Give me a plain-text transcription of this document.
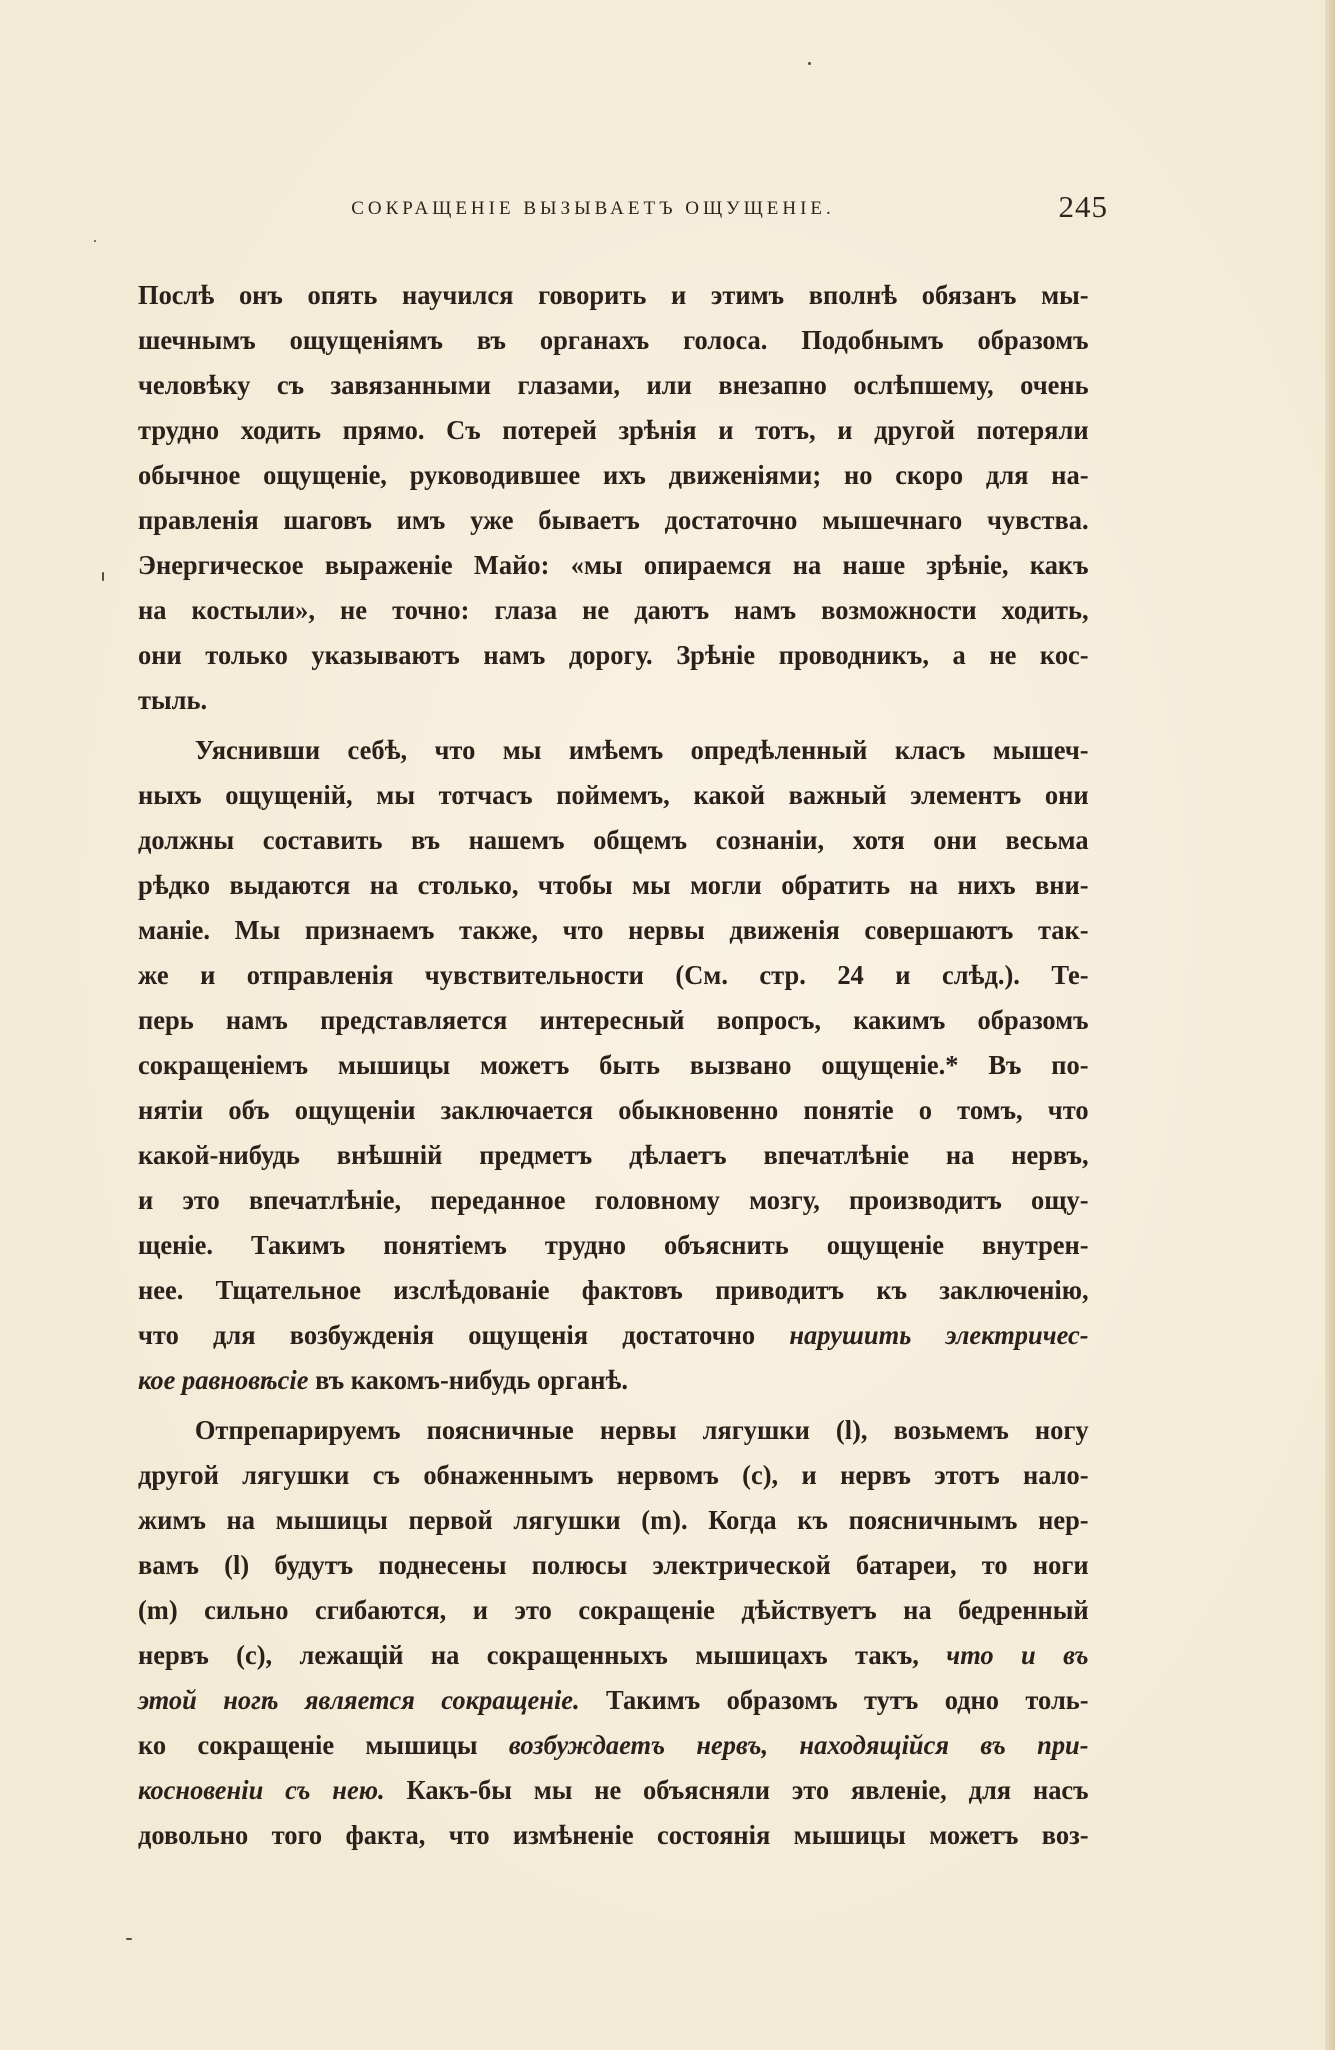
СОКРАЩЕНІЕ ВЫЗЫВАЕТЪ ОЩУЩЕНІЕ.	245
Послѣ онъ опять научился говорить и этимъ вполнѣ обязанъ мы-
шечнымъ ощущеніямъ въ органахъ голоса. Подобнымъ образомъ
человѣку съ завязанными глазами, или внезапно ослѣпшему, очень
трудно ходить прямо. Съ потерей зрѣнія и тотъ, и другой потеряли
обычное ощущеніе, руководившее ихъ движеніями; но скоро для на-
правленія шаговъ имъ уже бываетъ достаточно мышечнаго чувства.
Энергическое выраженіе Майо: «мы опираемся на наше зрѣніе, какъ
на костыли», не точно: глаза не даютъ намъ возможности ходить,
они только указываютъ намъ дорогу. Зрѣніе проводникъ, а не кос-
тыль.
Уяснивши себѣ, что мы имѣемъ опредѣленный класъ мышеч-
ныхъ ощущеній, мы тотчасъ поймемъ, какой важный элементъ они
должны составить въ нашемъ общемъ сознаніи, хотя они весьма
рѣдко выдаются на столько, чтобы мы могли обратить на нихъ вни-
маніе. Мы признаемъ также, что нервы движенія совершаютъ так-
же и отправленія чувствительности (См. стр. 24 и слѣд.). Те-
перь намъ представляется интересный вопросъ, какимъ образомъ
сокращеніемъ мышицы можетъ быть вызвано ощущеніе.* Въ по-
нятіи объ ощущеніи заключается обыкновенно понятіе о томъ, что
какой-нибудь внѣшній предметъ дѣлаетъ впечатлѣніе на нервъ,
и это впечатлѣніе, переданное головному мозгу, производитъ ощу-
щеніе. Такимъ понятіемъ трудно объяснить ощущеніе внутрен-
нее. Тщательное изслѣдованіе фактовъ приводитъ къ заключенію,
что для возбужденія ощущенія достаточно нарушить электричес-
кое равновѣсіе въ какомъ-нибудь органѣ.
Отпрепарируемъ поясничные нервы лягушки (l), возьмемъ ногу
другой лягушки съ обнаженнымъ нервомъ (c), и нервъ этотъ нало-
жимъ на мышицы первой лягушки (m). Когда къ поясничнымъ нер-
вамъ (l) будутъ поднесены полюсы электрической батареи, то ноги
(m) сильно сгибаются, и это сокращеніе дѣйствуетъ на бедренный
нервъ (c), лежащій на сокращенныхъ мышицахъ такъ, что и въ
этой ногѣ является сокращеніе. Такимъ образомъ тутъ одно толь-
ко сокращеніе мышицы возбуждаетъ нервъ, находящійся въ при-
косновеніи съ нею. Какъ-бы мы не объясняли это явленіе, для насъ
довольно того факта, что измѣненіе состоянія мышицы можетъ воз-
